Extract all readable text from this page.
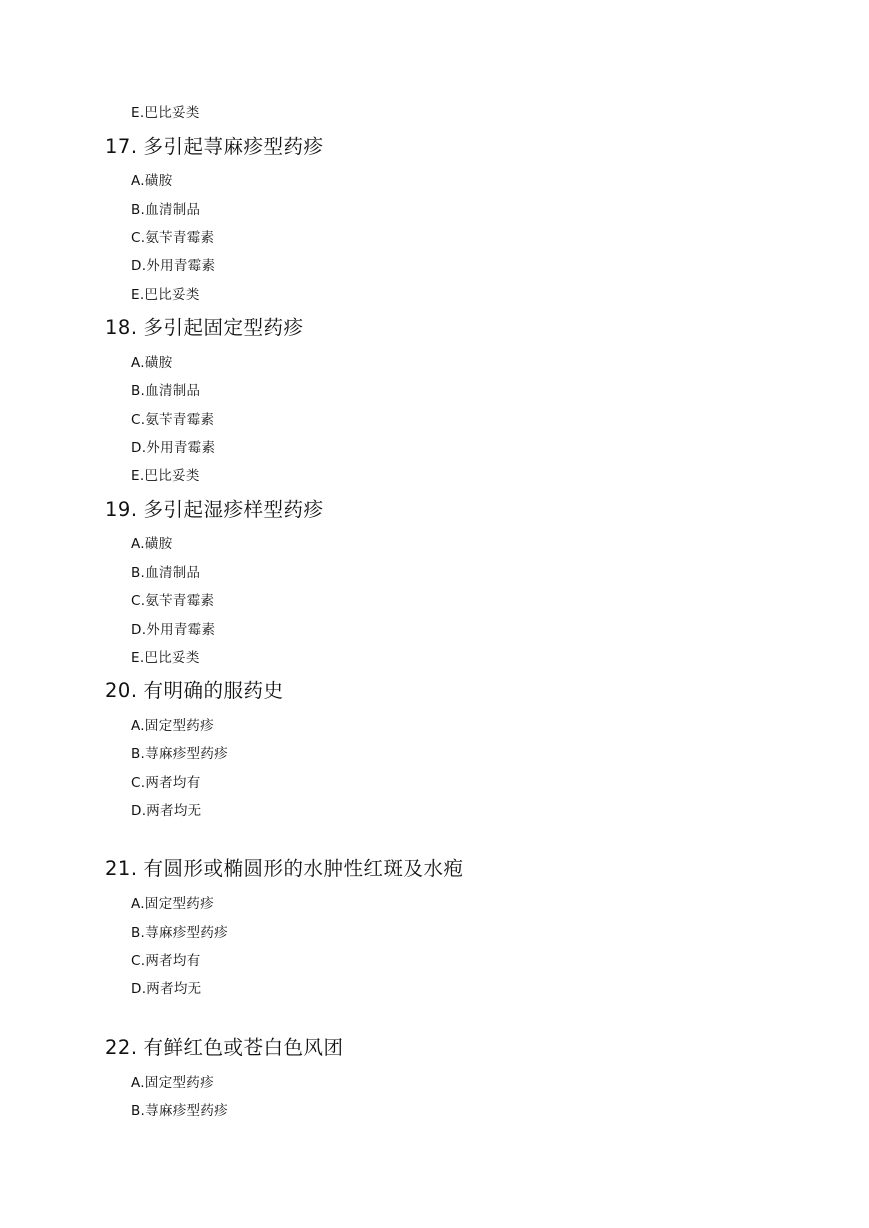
E.巴比妥类
17. 多引起荨麻疹型药疹
A.磺胺
B.血清制品
C.氨苄青霉素
D.外用青霉素
E.巴比妥类
18. 多引起固定型药疹
A.磺胺
B.血清制品
C.氨苄青霉素
D.外用青霉素
E.巴比妥类
19. 多引起湿疹样型药疹
A.磺胺
B.血清制品
C.氨苄青霉素
D.外用青霉素
E.巴比妥类
20. 有明确的服药史
A.固定型药疹
B.荨麻疹型药疹
C.两者均有
D.两者均无
21. 有圆形或椭圆形的水肿性红斑及水疱
A.固定型药疹
B.荨麻疹型药疹
C.两者均有
D.两者均无
22. 有鲜红色或苍白色风团
A.固定型药疹
B.荨麻疹型药疹
